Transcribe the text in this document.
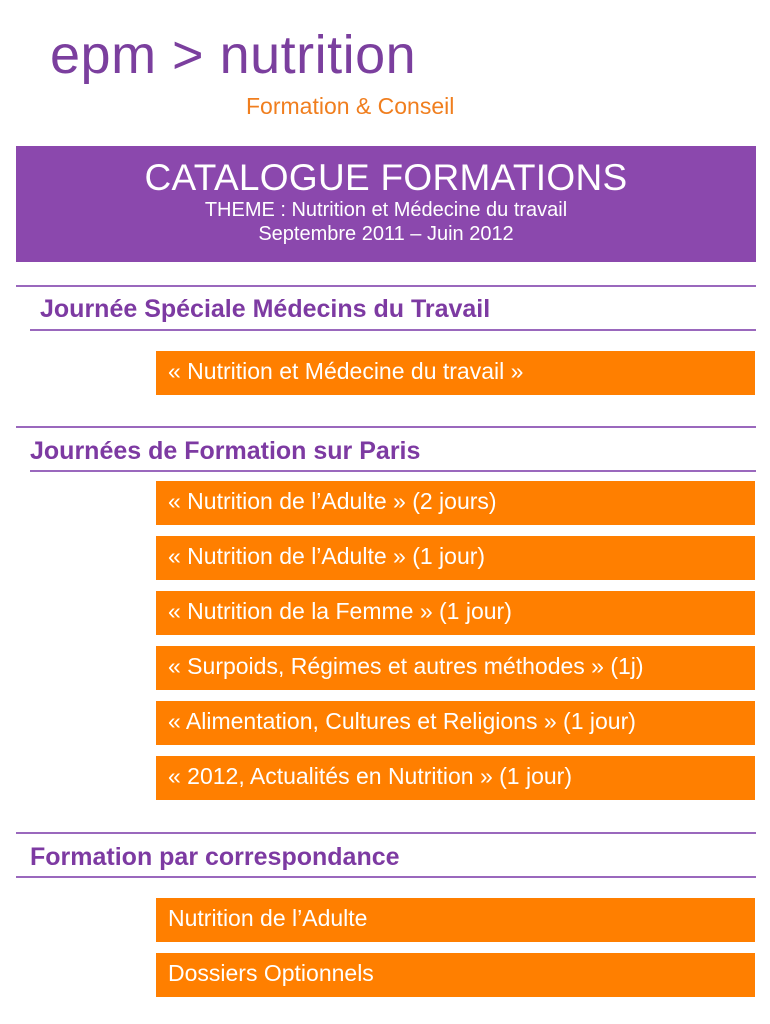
epm > nutrition
Formation & Conseil
CATALOGUE FORMATIONS
THEME : Nutrition et Médecine du travail
Septembre 2011 – Juin 2012
Journée Spéciale Médecins du Travail
« Nutrition et Médecine du travail »
Journées de Formation sur Paris
« Nutrition de l’Adulte » (2 jours)
« Nutrition de l’Adulte » (1 jour)
« Nutrition de la Femme » (1 jour)
« Surpoids, Régimes et autres méthodes » (1j)
« Alimentation, Cultures et Religions » (1 jour)
« 2012, Actualités en Nutrition » (1 jour)
Formation par correspondance
Nutrition de l’Adulte
Dossiers Optionnels
